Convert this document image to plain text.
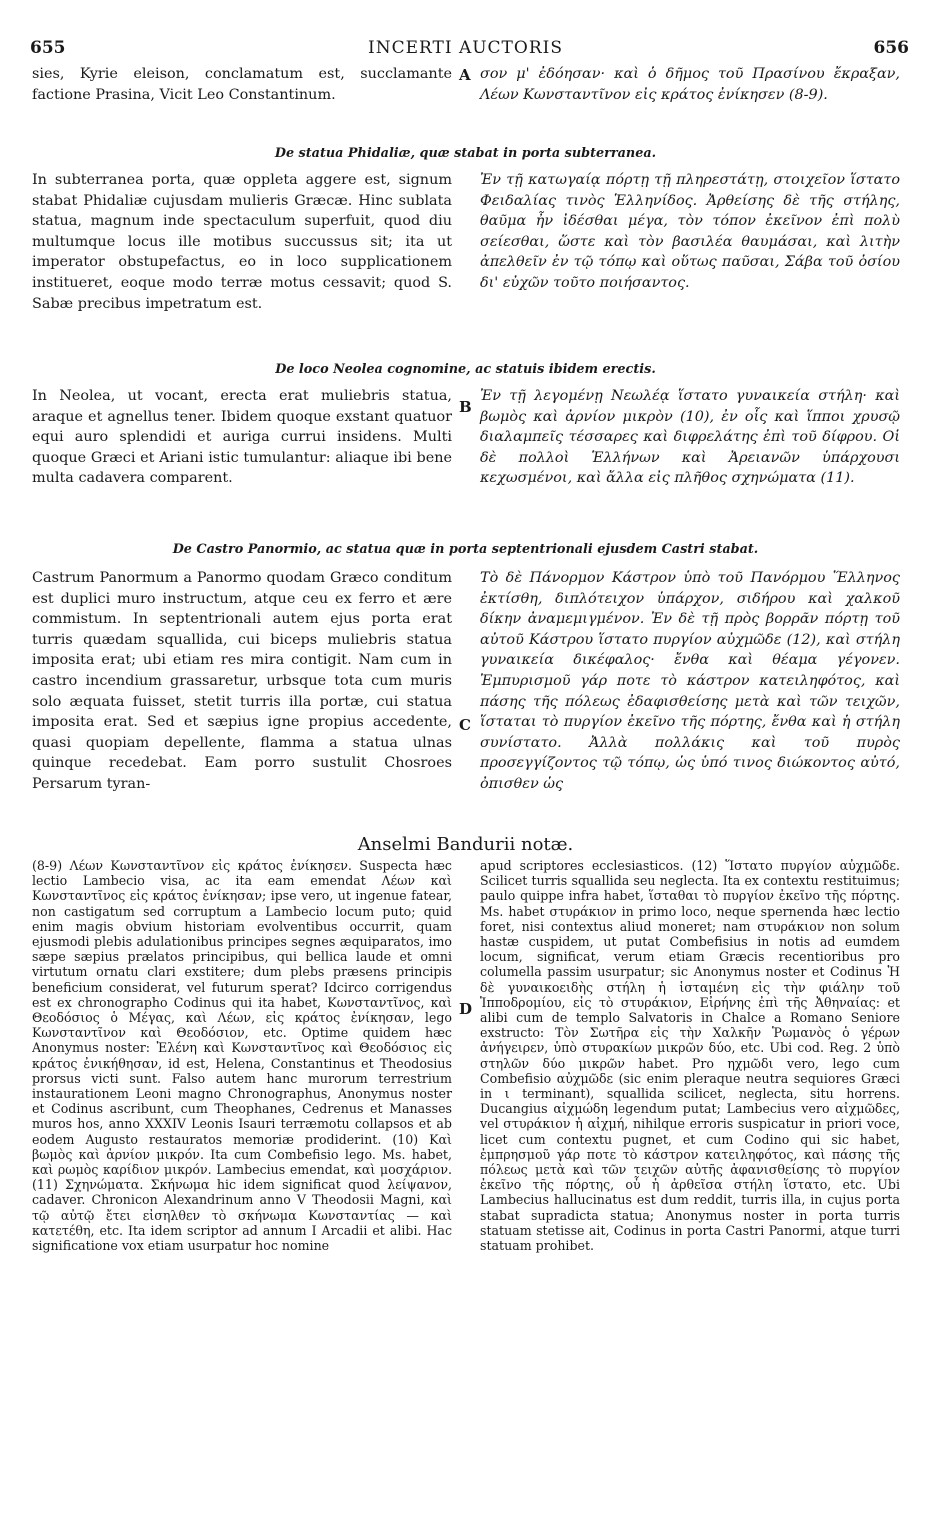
655	INCERTI AUCTORIS	656

sies, Kyrie eleison, conclamatum est, succlamante factione Prasina, Vicit Leo Constantinum.

A σον μ' ἐδόησαν· καὶ ὁ δῆμος τοῦ Πρασίνου ἔκραξαν, Λέων Κωνσταντῖνον εἰς κράτος ἐνίκησεν (8-9).

De statua Phidaliæ, quæ stabat in porta subterranea.

In subterranea porta, quæ oppleta aggere est, signum stabat Phidaliæ cujusdam mulieris Græcæ. Hinc sublata statua, magnum inde spectaculum superfuit, quod diu multumque locus ille motibus succussus sit; ita ut imperator obstupefactus, eo in loco supplicationem institueret, eoque modo terræ motus cessavit; quod S. Sabæ precibus impetratum est.

Ἐν τῇ κατωγαίᾳ πόρτῃ τῇ πληρεστάτῃ, στοιχεῖον ἵστατο Φειδαλίας τινὸς Ἑλληνίδος. Ἀρθείσης δὲ τῆς στήλης, θαῦμα ἦν ἰδέσθαι μέγα, τὸν τόπον ἐκεῖνον ἐπὶ πολὺ σείεσθαι, ὥστε καὶ τὸν βασιλέα θαυμάσαι, καὶ λιτὴν ἀπελθεῖν ἐν τῷ τόπῳ καὶ οὕτως παῦσαι, Σάβα τοῦ ὁσίου δι' εὐχῶν τοῦτο ποιήσαντος.

De loco Neolea cognomine, ac statuis ibidem erectis.
B

In Neolea, ut vocant, erecta erat muliebris statua, araque et agnellus tener. Ibidem quoque exstant quatuor equi auro splendidi et auriga currui insidens. Multi quoque Græci et Ariani istic tumulantur: aliaque ibi bene multa cadavera comparent.

Ἐν τῇ λεγομένῃ Νεωλέᾳ ἵστατο γυναικεία στήλη· καὶ βωμὸς καὶ ἀρνίον μικρὸν (10), ἐν οἷς καὶ ἵπποι χρυσῷ διαλαμπεῖς τέσσαρες καὶ διφρελάτης ἐπὶ τοῦ δίφρου. Οἱ δὲ πολλοὶ Ἑλλήνων καὶ Ἀρειανῶν ὑπάρχουσι κεχωσμένοι, καὶ ἄλλα εἰς πλῆθος σχηνώματα (11).

De Castro Panormio, ac statua quæ in porta septentrionali ejusdem Castri stabat.
C

Castrum Panormum a Panormo quodam Græco conditum est duplici muro instructum, atque ceu ex ferro et ære commistum. In septentrionali autem ejus porta erat turris quædam squallida, cui biceps muliebris statua imposita erat; ubi etiam res mira contigit. Nam cum in castro incendium grassaretur, urbsque tota cum muris solo æquata fuisset, stetit turris illa portæ, cui statua imposita erat. Sed et sæpius igne propius accedente, quasi quopiam depellente, flamma a statua ulnas quinque recedebat. Eam porro sustulit Chosroes Persarum tyran-

Τὸ δὲ Πάνορμον Κάστρον ὑπὸ τοῦ Πανόρμου Ἕλληνος ἐκτίσθη, διπλότειχον ὑπάρχον, σιδήρου καὶ χαλκοῦ δίκην ἀναμεμιγμένον. Ἐν δὲ τῇ πρὸς βορρᾶν πόρτῃ τοῦ αὐτοῦ Κάστρου ἵστατο πυργίον αὐχμῶδε (12), καὶ στήλη γυναικεία δικέφαλος· ἔνθα καὶ θέαμα γέγονεν. Ἐμπυρισμοῦ γάρ ποτε τὸ κάστρον κατειληφότος, καὶ πάσης τῆς πόλεως ἐδαφισθείσης μετὰ καὶ τῶν τειχῶν, ἵσταται τὸ πυργίον ἐκεῖνο τῆς πόρτης, ἔνθα καὶ ἡ στήλη συνίστατο. Ἀλλὰ πολλάκις καὶ τοῦ πυρὸς προσεγγίζοντος τῷ τόπῳ, ὡς ὑπό τινος διώκοντος αὐτό, ὀπισθεν ὡς

Anselmi Bandurii notæ.
D

(8-9) Λέων Κωνσταντῖνον εἰς κράτος ἐνίκησεν. Suspecta hæc lectio Lambecio visa, ac ita eam emendat Λέων καὶ Κωνσταντῖνος εἰς κράτος ἐνίκησαν; ipse vero, ut ingenue fatear, non castigatum sed corruptum a Lambecio locum puto; quid enim magis obvium historiam evolventibus occurrit, quam ejusmodi plebis adulationibus principes segnes æquiparatos, imo sæpe sæpius prælatos principibus, qui bellica laude et omni virtutum ornatu clari exstitere; dum plebs præsens principis beneficium considerat, vel futurum sperat? Idcirco corrigendus est ex chronographo Codinus qui ita habet, Κωνσταντῖνος, καὶ Θεοδόσιος ὁ Μέγας, καὶ Λέων, εἰς κράτος ἐνίκησαν, lego Κωνσταντῖνον καὶ Θεοδόσιον, etc. Optime quidem hæc Anonymus noster: Ἑλένη καὶ Κωνσταντῖνος καὶ Θεοδόσιος εἰς κράτος ἐνικήθησαν, id est, Helena, Constantinus et Theodosius prorsus victi sunt. Falso autem hanc murorum terrestrium instaurationem Leoni magno Chronographus, Anonymus noster et Codinus ascribunt, cum Theophanes, Cedrenus et Manasses muros hos, anno XXXIV Leonis Isauri terræmotu collapsos et ab eodem Augusto restauratos memoriæ prodiderint. (10) Καὶ βωμὸς καὶ ἀρνίον μικρόν. Ita cum Combefisio lego. Ms. habet, καὶ ρωμὸς καρίδιον μικρόν. Lambecius emendat, καὶ μοσχάριον. (11) Σχηνώματα. Σκήνωμα hic idem significat quod λείψανον, cadaver. Chronicon Alexandrinum anno V Theodosii Magni, καὶ τῷ αὐτῷ ἔτει εἰσηλθεν τὸ σκήνωμα Κωνσταντίας — καὶ κατετέθη, etc. Ita idem scriptor ad annum I Arcadii et alibi. Hac significatione vox etiam usurpatur hoc nomine

apud scriptores ecclesiasticos. (12) Ἵστατο πυργίον αὐχμῶδε. Scilicet turris squallida seu neglecta. Ita ex contextu restituimus; paulo quippe infra habet, ἵσταθαι τὸ πυργίον ἐκεῖνο τῆς πόρτης. Ms. habet στυράκιον in primo loco, neque spernenda hæc lectio foret, nisi contextus aliud moneret; nam στυράκιον non solum hastæ cuspidem, ut putat Combefisius in notis ad eumdem locum, significat, verum etiam Græcis recentioribus pro columella passim usurpatur; sic Anonymus noster et Codinus Ἡ δὲ γυναικοειδὴς στήλη ἡ ἱσταμένη εἰς τὴν φιάλην τοῦ Ἱπποδρομίου, εἰς τὸ στυράκιον, Εἰρήνης ἐπὶ τῆς Ἀθηναίας: et alibi cum de templo Salvatoris in Chalce a Romano Seniore exstructo: Τὸν Σωτῆρα εἰς τὴν Χαλκῆν Ῥωμανὸς ὁ γέρων ἀνήγειρεν, ὑπὸ στυρακίων μικρῶν δύο, etc. Ubi cod. Reg. 2 ὑπὸ στηλῶν δύο μικρῶν habet. Pro ηχμῶδι vero, lego cum Combefisio αὐχμῶδε (sic enim pleraque neutra sequiores Græci in ι terminant), squallida scilicet, neglecta, situ horrens. Ducangius αἰχμώδη legendum putat; Lambecius vero αἰχμῶδες, vel στυράκιον ἡ αἰχμή, nihilque erroris suspicatur in priori voce, licet cum contextu pugnet, et cum Codino qui sic habet, ἐμπρησμοῦ γάρ ποτε τὸ κάστρον κατειληφότος, καὶ πάσης τῆς πόλεως μετὰ καὶ τῶν τειχῶν αὐτῆς ἀφανισθείσης τὸ πυργίον ἐκεῖνο τῆς πόρτης, οὗ ἡ ἀρθεῖσα στήλη ἵστατο, etc. Ubi Lambecius hallucinatus est dum reddit, turris illa, in cujus porta stabat supradicta statua; Anonymus noster in porta turris statuam stetisse ait, Codinus in porta Castri Panormi, atque turri statuam prohibet.
